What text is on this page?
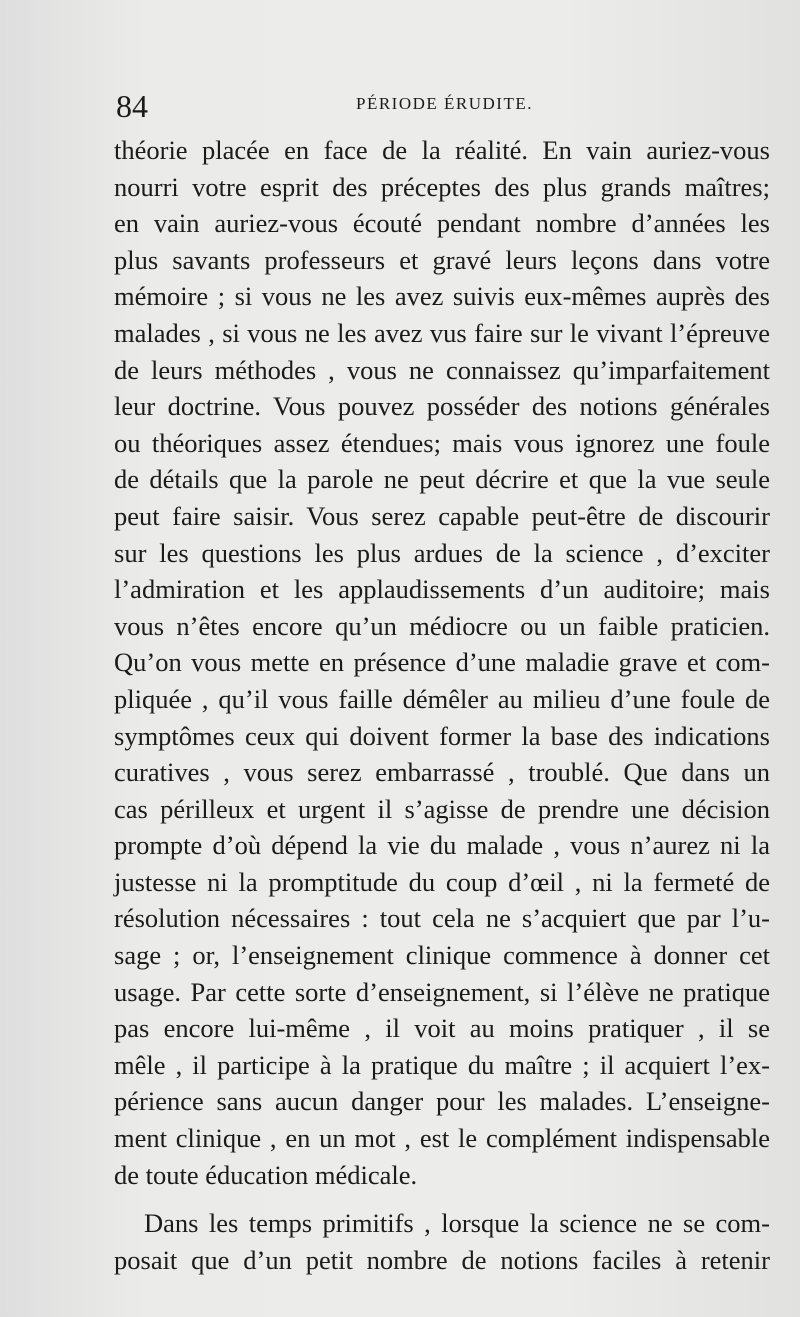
84	PÉRIODE ÉRUDITE.
théorie placée en face de la réalité. En vain auriez-vous
nourri votre esprit des préceptes des plus grands maîtres;
en vain auriez-vous écouté pendant nombre d’années les
plus savants professeurs et gravé leurs leçons dans votre
mémoire ; si vous ne les avez suivis eux-mêmes auprès des
malades , si vous ne les avez vus faire sur le vivant l’épreuve
de leurs méthodes , vous ne connaissez qu’imparfaitement
leur doctrine. Vous pouvez posséder des notions générales
ou théoriques assez étendues; mais vous ignorez une foule
de détails que la parole ne peut décrire et que la vue seule
peut faire saisir. Vous serez capable peut-être de discourir
sur les questions les plus ardues de la science , d’exciter
l’admiration et les applaudissements d’un auditoire; mais
vous n’êtes encore qu’un médiocre ou un faible praticien.
Qu’on vous mette en présence d’une maladie grave et com-
pliquée , qu’il vous faille démêler au milieu d’une foule de
symptômes ceux qui doivent former la base des indications
curatives , vous serez embarrassé , troublé. Que dans un
cas périlleux et urgent il s’agisse de prendre une décision
prompte d’où dépend la vie du malade , vous n’aurez ni la
justesse ni la promptitude du coup d’œil , ni la fermeté de
résolution nécessaires : tout cela ne s’acquiert que par l’u-
sage ; or, l’enseignement clinique commence à donner cet
usage. Par cette sorte d’enseignement, si l’élève ne pratique
pas encore lui-même , il voit au moins pratiquer , il se
mêle , il participe à la pratique du maître ; il acquiert l’ex-
périence sans aucun danger pour les malades. L’enseigne-
ment clinique , en un mot , est le complément indispensable
de toute éducation médicale.
Dans les temps primitifs , lorsque la science ne se com-
posait que d’un petit nombre de notions faciles à retenir
